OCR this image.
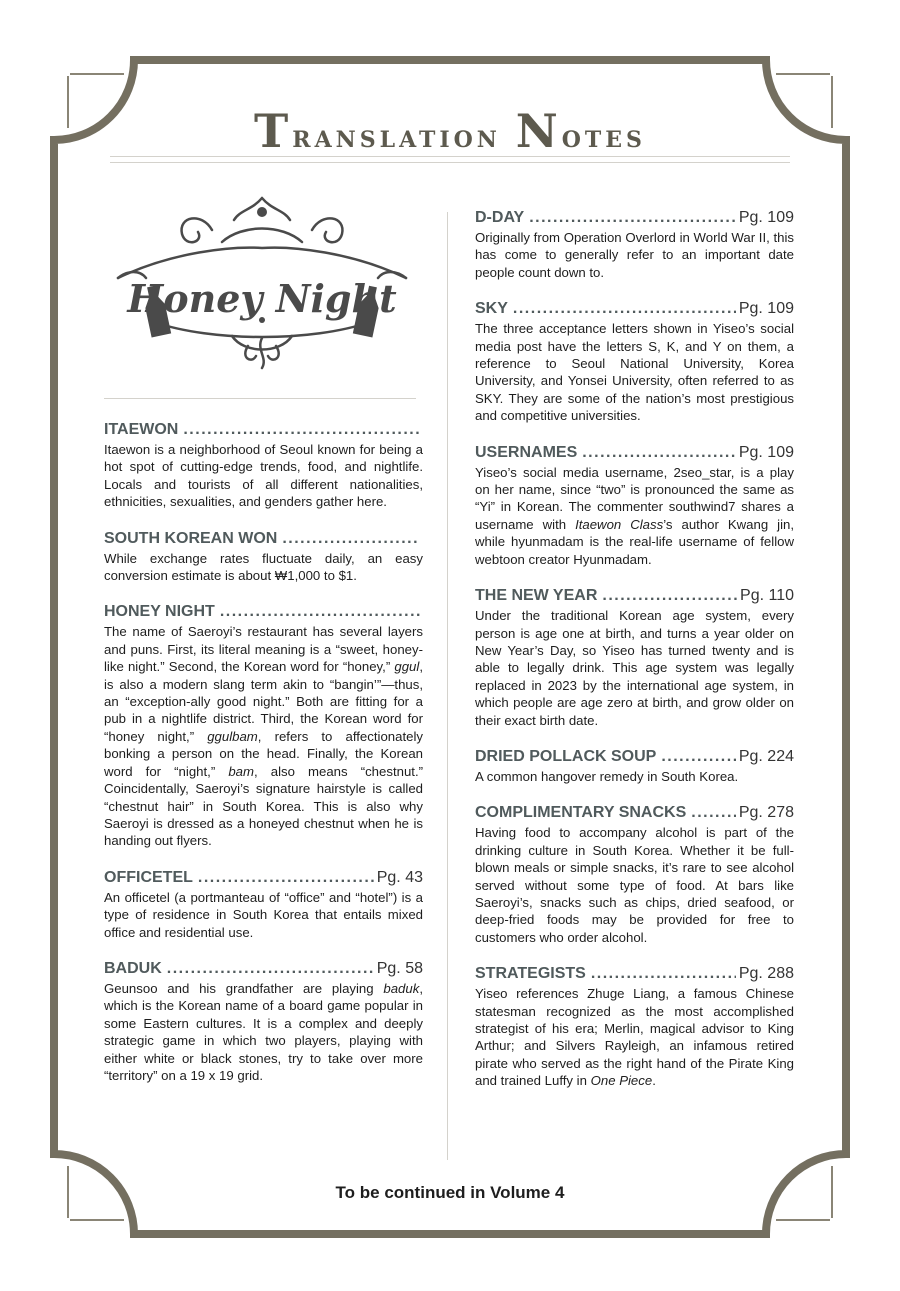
Translation Notes
Honey Night
ITAEWON
.....
Itaewon is a neighborhood of Seoul known for being a hot spot of cutting-edge trends, food, and nightlife. Locals and tourists of all different nationalities, ethnicities, sexualities, and genders gather here.
SOUTH KOREAN WON
.....
While exchange rates fluctuate daily, an easy conversion estimate is about ₩1,000 to $1.
HONEY NIGHT
.....
The name of Saeroyi’s restaurant has several layers and puns. First, its literal meaning is a “sweet, honey-like night.” Second, the Korean word for “honey,” ggul, is also a modern slang term akin to “bangin’”—thus, an “exception-ally good night.” Both are fitting for a pub in a nightlife district. Third, the Korean word for “honey night,” ggulbam, refers to affectionately bonking a person on the head. Finally, the Korean word for “night,” bam, also means “chestnut.” Coincidentally, Saeroyi’s signature hairstyle is called “chestnut hair” in South Korea. This is also why Saeroyi is dressed as a honeyed chestnut when he is handing out flyers.
OFFICETEL .....	Pg. 43
An officetel (a portmanteau of “office” and “hotel”) is a type of residence in South Korea that entails mixed office and residential use.
BADUK .....	Pg. 58
Geunsoo and his grandfather are playing baduk, which is the Korean name of a board game popular in some Eastern cultures. It is a complex and deeply strategic game in which two players, playing with either white or black stones, try to take over more “territory” on a 19 x 19 grid.
D-DAY .....	Pg. 109
Originally from Operation Overlord in World War II, this has come to generally refer to an important date people count down to.
SKY .....	Pg. 109
The three acceptance letters shown in Yiseo’s social media post have the letters S, K, and Y on them, a reference to Seoul National University, Korea University, and Yonsei University, often referred to as SKY. They are some of the nation’s most prestigious and competitive universities.
USERNAMES .....	Pg. 109
Yiseo’s social media username, 2seo_star, is a play on her name, since “two” is pronounced the same as “Yi” in Korean. The commenter southwind7 shares a username with Itaewon Class’s author Kwang jin, while hyunmadam is the real-life username of fellow webtoon creator Hyunmadam.
THE NEW YEAR .....	Pg. 110
Under the traditional Korean age system, every person is age one at birth, and turns a year older on New Year’s Day, so Yiseo has turned twenty and is able to legally drink. This age system was legally replaced in 2023 by the international age system, in which people are age zero at birth, and grow older on their exact birth date.
DRIED POLLACK SOUP .....	Pg. 224
A common hangover remedy in South Korea.
COMPLIMENTARY SNACKS .....	Pg. 278
Having food to accompany alcohol is part of the drinking culture in South Korea. Whether it be full-blown meals or simple snacks, it’s rare to see alcohol served without some type of food. At bars like Saeroyi’s, snacks such as chips, dried seafood, or deep-fried foods may be provided for free to customers who order alcohol.
STRATEGISTS .....	Pg. 288
Yiseo references Zhuge Liang, a famous Chinese statesman recognized as the most accomplished strategist of his era; Merlin, magical advisor to King Arthur; and Silvers Rayleigh, an infamous retired pirate who served as the right hand of the Pirate King and trained Luffy in One Piece.
To be continued in Volume 4
